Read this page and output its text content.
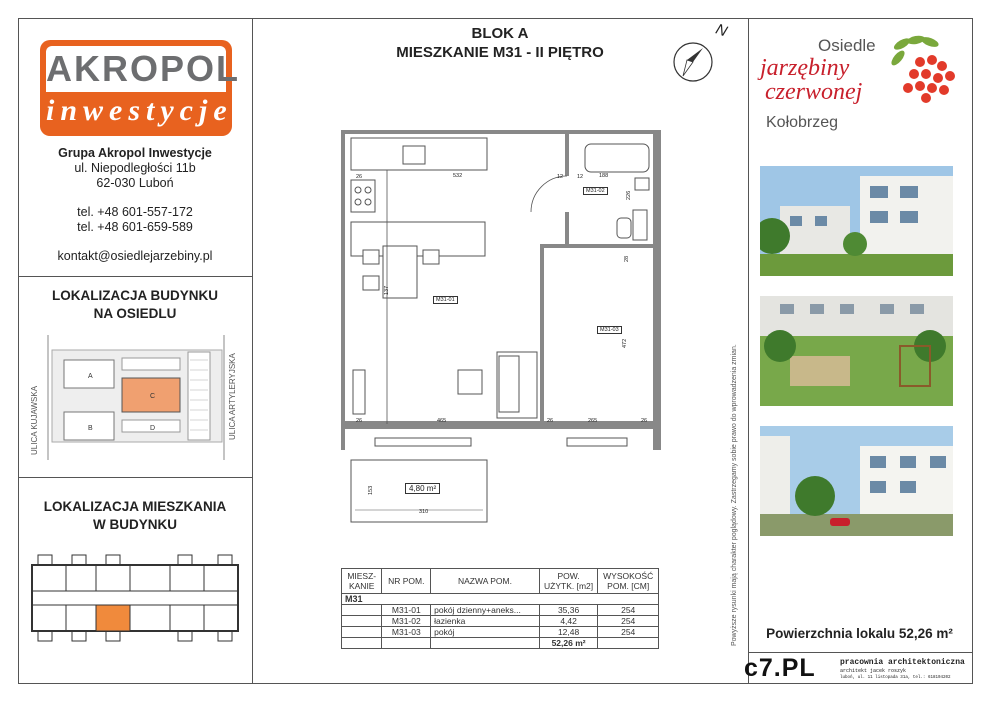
AKROPOL
inwestycje
Grupa Akropol Inwestycje
ul. Niepodległości 11b
62-030 Luboń
tel. +48 601-557-172
tel. +48 601-659-589
kontakt@osiedlejarzebiny.pl
LOKALIZACJA BUDYNKU
NA OSIEDLU
A
B
C
D
ULICA KUJAWSKA	ULICA ARTYLERYJSKA
LOKALIZACJA MIESZKANIA
W BUDYNKU
BLOK A
MIESZKANIE M31 - II PIĘTRO
N
M31-01
M31-02
M31-03
4,80 m²
532	188
465	265
310
153
472
226
26	12	12
26
137
28
26	26
MIESZ-
KANIE	NR POM.	NAZWA POM.	POW.
UŻYTK. [m2]	WYSOKOŚĆ
POM. [CM]
M31				
	M31-01	pokój dzienny+aneks...	35,36	254
	M31-02	łazienka	4,42	254
	M31-03	pokój	12,48	254
			52,26 m²		Powyższe rysunki mają charakter poglądowy. Zastrzegamy sobie prawo do wprowadzenia zmian.
Osiedle
jarzębiny
czerwonej
Kołobrzeg
Powierzchnia lokalu 52,26 m²
c7.PL	pracownia architektoniczna
architekt jacek roszyk
luboń, ul. 11 listopada 31a, tel.: 618104202
